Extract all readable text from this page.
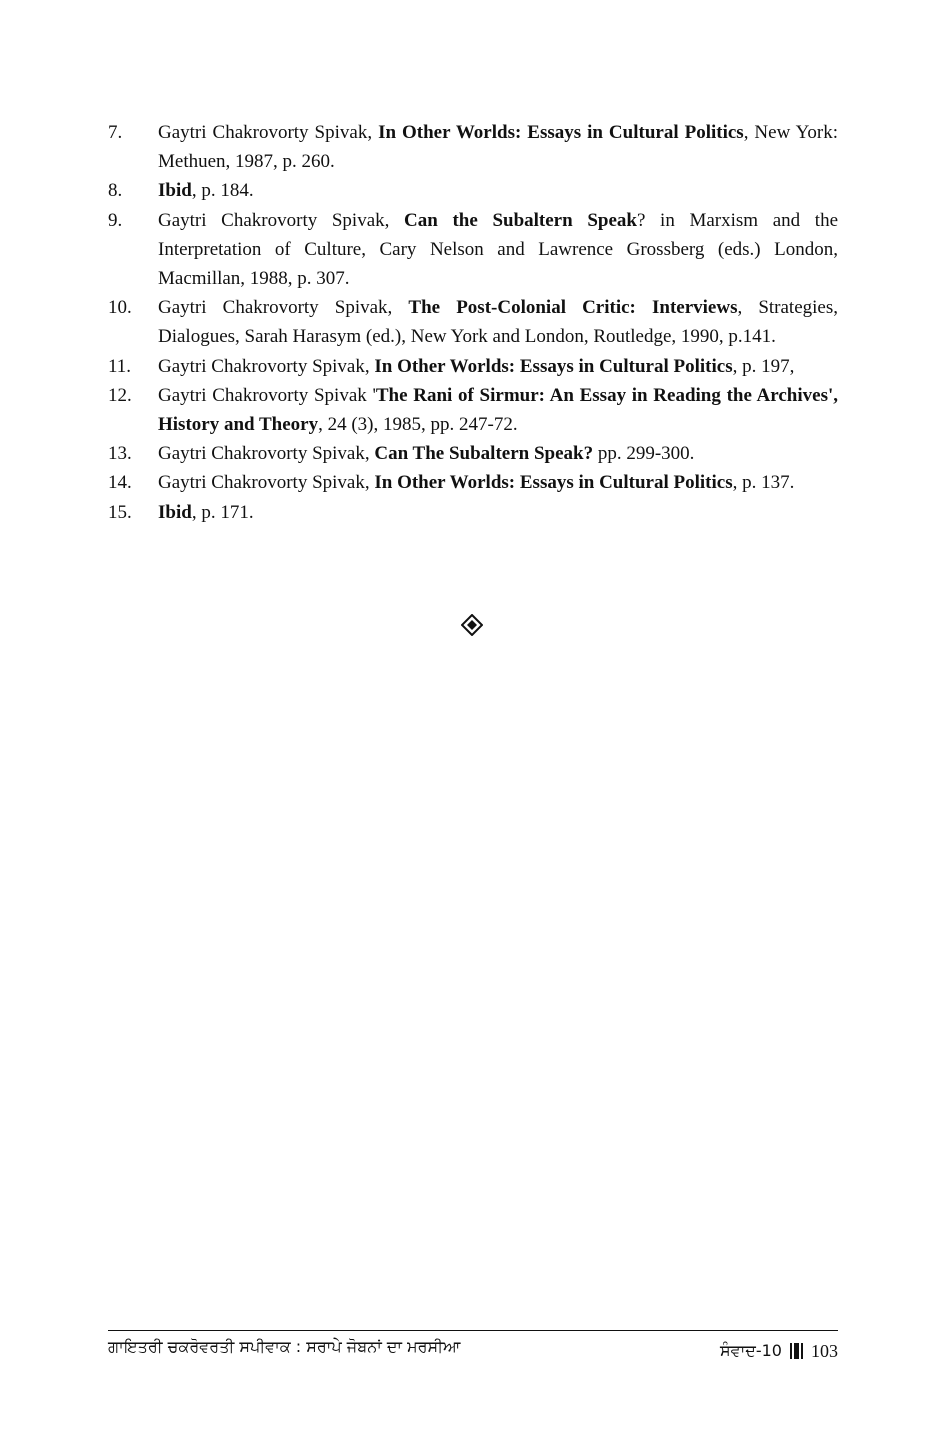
7.	Gaytri Chakrovorty Spivak, In Other Worlds: Essays in Cultural Politics, New York: Methuen, 1987, p. 260.
8.	Ibid, p. 184.
9.	Gaytri Chakrovorty Spivak, Can the Subaltern Speak? in Marxism and the Interpretation of Culture, Cary Nelson and Lawrence Grossberg (eds.) London, Macmillan, 1988, p. 307.
10.	Gaytri Chakrovorty Spivak, The Post-Colonial Critic: Interviews, Strategies, Dialogues, Sarah Harasym (ed.), New York and London, Routledge, 1990, p.141.
11.	Gaytri Chakrovorty Spivak, In Other Worlds: Essays in Cultural Politics, p. 197,
12.	Gaytri Chakrovorty Spivak 'The Rani of Sirmur: An Essay in Reading the Archives', History and Theory, 24 (3), 1985, pp. 247-72.
13.	Gaytri Chakrovorty Spivak, Can The Subaltern Speak? pp. 299-300.
14.	Gaytri Chakrovorty Spivak, In Other Worlds: Essays in Cultural Politics, p. 137.
15.	Ibid, p. 171.
ਗਾਇਤਰੀ ਚਕਰੋਵਰਤੀ ਸਪੀਵਾਕ : ਸਰਾਪੇ ਜੋਬਨਾਂ ਦਾ ਮਰਸੀਆ	ਸੰਵਾਦ-10 103
